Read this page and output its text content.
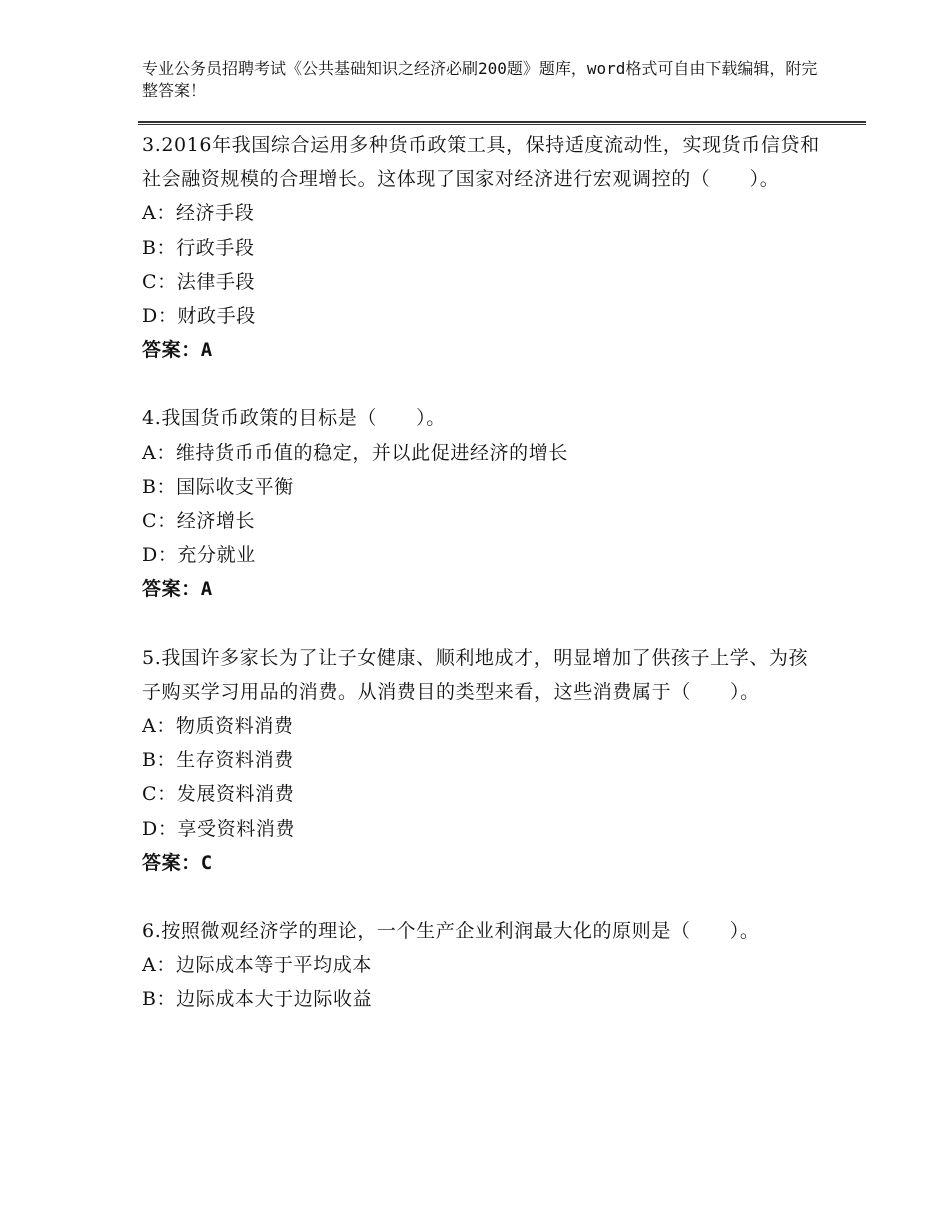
专业公务员招聘考试《公共基础知识之经济必刷200题》题库，word格式可自由下载编辑，附完整答案！
3.2016年我国综合运用多种货币政策工具，保持适度流动性，实现货币信贷和社会融资规模的合理增长。这体现了国家对经济进行宏观调控的（　　）。
A：经济手段
B：行政手段
C：法律手段
D：财政手段
答案：A
4.我国货币政策的目标是（　　）。
A：维持货币币值的稳定，并以此促进经济的增长
B：国际收支平衡
C：经济增长
D：充分就业
答案：A
5.我国许多家长为了让子女健康、顺利地成才，明显增加了供孩子上学、为孩子购买学习用品的消费。从消费目的类型来看，这些消费属于（　　）。
A：物质资料消费
B：生存资料消费
C：发展资料消费
D：享受资料消费
答案：C
6.按照微观经济学的理论，一个生产企业利润最大化的原则是（　　）。
A：边际成本等于平均成本
B：边际成本大于边际收益
